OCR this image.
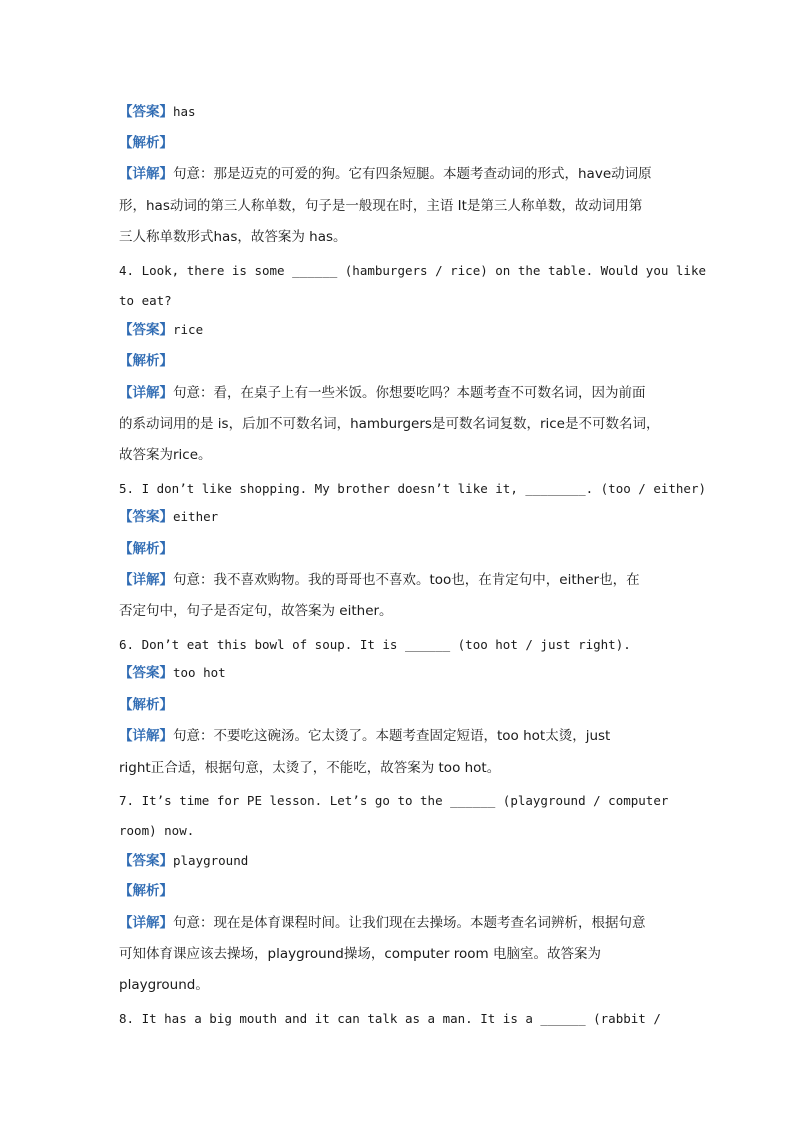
【答案】has
【解析】
【详解】句意：那是迈克的可爱的狗。它有四条短腿。本题考查动词的形式，have动词原
形，has动词的第三人称单数，句子是一般现在时，主语 It是第三人称单数，故动词用第
三人称单数形式has，故答案为 has。
4. Look, there is some ______ (hamburgers / rice) on the table. Would you like
to eat?
【答案】rice
【解析】
【详解】句意：看，在桌子上有一些米饭。你想要吃吗？本题考查不可数名词，因为前面
的系动词用的是 is，后加不可数名词，hamburgers是可数名词复数，rice是不可数名词，
故答案为rice。
5. I don’t like shopping. My brother doesn’t like it, ________. (too / either)
【答案】either
【解析】
【详解】句意：我不喜欢购物。我的哥哥也不喜欢。too也，在肯定句中，either也，在
否定句中，句子是否定句，故答案为 either。
6. Don’t eat this bowl of soup. It is ______ (too hot / just right).
【答案】too hot
【解析】
【详解】句意：不要吃这碗汤。它太烫了。本题考查固定短语，too hot太烫，just
right正合适，根据句意，太烫了，不能吃，故答案为 too hot。
7. It’s time for PE lesson. Let’s go to the ______ (playground / computer
room) now.
【答案】playground
【解析】
【详解】句意：现在是体育课程时间。让我们现在去操场。本题考查名词辨析，根据句意
可知体育课应该去操场，playground操场，computer room 电脑室。故答案为
playground。
8. It has a big mouth and it can talk as a man. It is a ______ (rabbit /
